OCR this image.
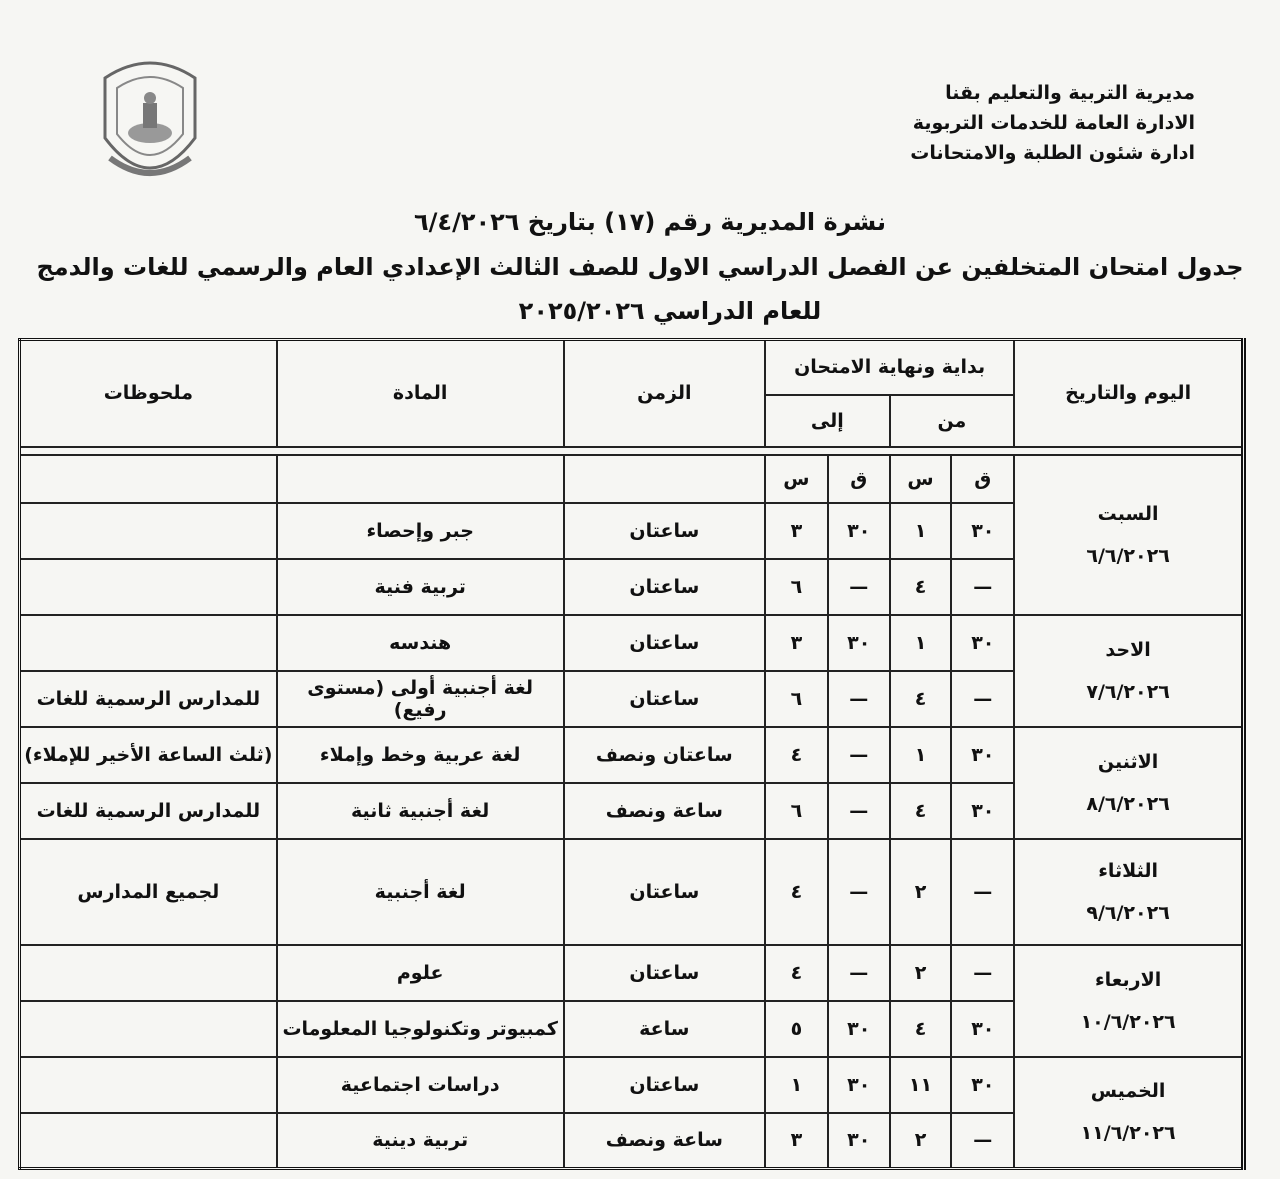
مديرية التربية والتعليم بقنا
الادارة العامة للخدمات التربوية
ادارة شئون الطلبة والامتحانات
نشرة المديرية رقم (١٧) بتاريخ ٦/٤/٢٠٢٦
جدول امتحان المتخلفين عن الفصل الدراسي الاول للصف الثالث الإعدادي العام والرسمي للغات والدمج
للعام الدراسي ٢٠٢٥/٢٠٢٦
اليوم والتاريخ	بداية ونهاية الامتحان				الزمن	المادة	ملحوظات
	من		إلى				

السبت
٦/٦/٢٠٢٦	ق	س	ق	س			
	٣٠	١	٣٠	٣	ساعتان	جبر وإحصاء	
	—	٤	—	٦	ساعتان	تربية فنية	

الاحد
٧/٦/٢٠٢٦	٣٠	١	٣٠	٣	ساعتان	هندسه	
	—	٤	—	٦	ساعتان	لغة أجنبية أولى (مستوى رفيع)	للمدارس الرسمية للغات

الاثنين
٨/٦/٢٠٢٦	٣٠	١	—	٤	ساعتان ونصف	لغة عربية وخط وإملاء	(ثلث الساعة الأخير للإملاء)
	٣٠	٤	—	٦	ساعة ونصف	لغة أجنبية ثانية	للمدارس الرسمية للغات

الثلاثاء
٩/٦/٢٠٢٦	—	٢	—	٤	ساعتان	لغة أجنبية	لجميع المدارس

الاربعاء
١٠/٦/٢٠٢٦	—	٢	—	٤	ساعتان	علوم	
	٣٠	٤	٣٠	٥	ساعة	كمبيوتر وتكنولوجيا المعلومات	

الخميس
١١/٦/٢٠٢٦	٣٠	١١	٣٠	١	ساعتان	دراسات اجتماعية	
	—	٢	٣٠	٣	ساعة ونصف	تربية دينية	
